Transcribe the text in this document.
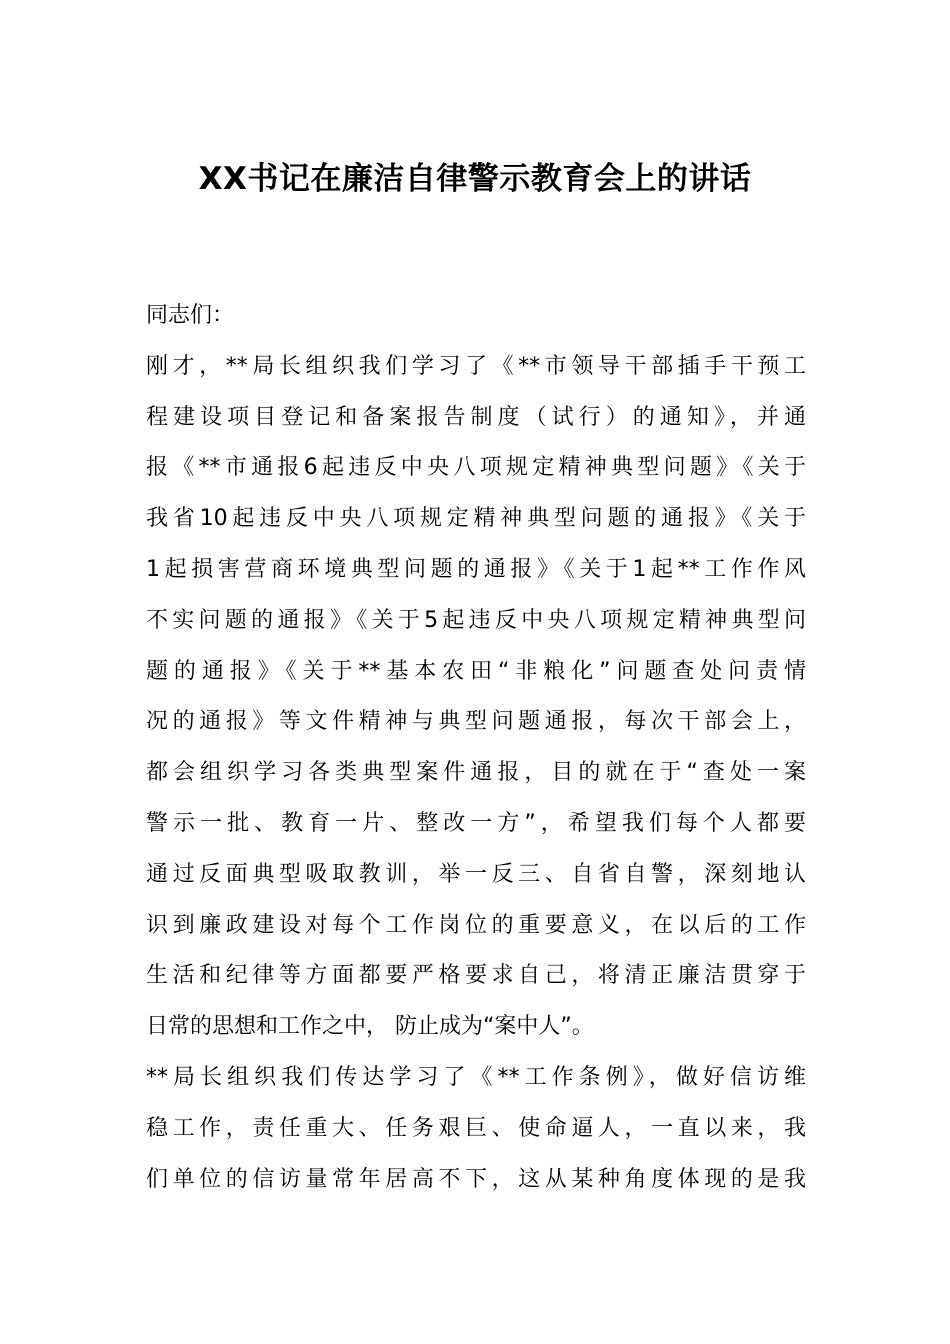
XX书记在廉洁自律警示教育会上的讲话
同志们：
刚才，**局长组织我们学习了《**市领导干部插手干预工
程建设项目登记和备案报告制度（试行）的通知》，并通
报《**市通报6起违反中央八项规定精神典型问题》《关于
我省10起违反中央八项规定精神典型问题的通报》《关于
1起损害营商环境典型问题的通报》《关于1起**工作作风
不实问题的通报》《关于5起违反中央八项规定精神典型问
题的通报》《关于**基本农田“非粮化”问题查处问责情
况的通报》等文件精神与典型问题通报，每次干部会上，
都会组织学习各类典型案件通报，目的就在于“查处一案
警示一批、教育一片、整改一方”，希望我们每个人都要
通过反面典型吸取教训，举一反三、自省自警，深刻地认
识到廉政建设对每个工作岗位的重要意义，在以后的工作
生活和纪律等方面都要严格要求自己，将清正廉洁贯穿于
日常的思想和工作之中， 防止成为“案中人”。
**局长组织我们传达学习了《**工作条例》，做好信访维
稳工作，责任重大、任务艰巨、使命逼人，一直以来，我
们单位的信访量常年居高不下，这从某种角度体现的是我
